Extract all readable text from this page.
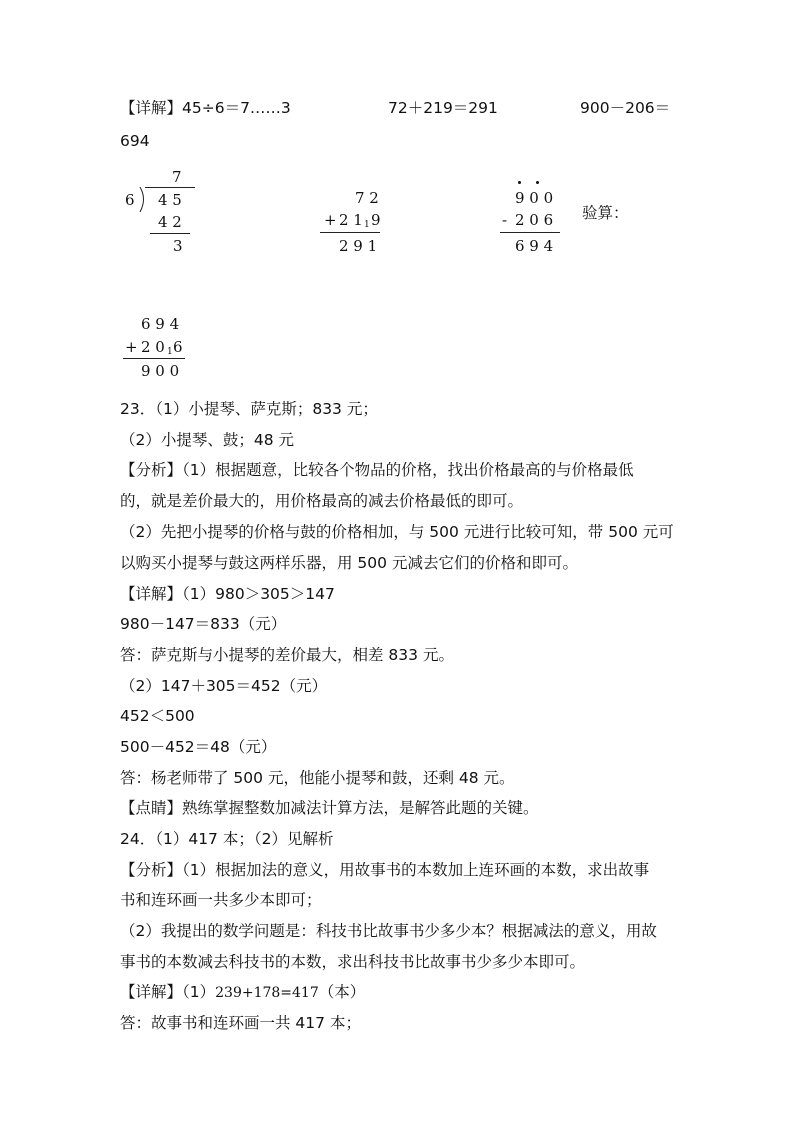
【详解】45÷6＝7……3	72＋219＝291	900－206＝
694
7
6 4 5
4 2
3
7 2
+ 2 1 1 9
2 9 1
9 0 0
- 2 0 6
6 9 4
验算：
6 9 4
+ 2 0 1 6
9 0 0
23．（1）小提琴、萨克斯；833 元；
（2）小提琴、鼓；48 元
【分析】（1）根据题意，比较各个物品的价格，找出价格最高的与价格最低
的，就是差价最大的，用价格最高的减去价格最低的即可。
（2）先把小提琴的价格与鼓的价格相加，与 500 元进行比较可知，带 500 元可
以购买小提琴与鼓这两样乐器，用 500 元减去它们的价格和即可。
【详解】（1）980＞305＞147
980－147＝833（元）
答：萨克斯与小提琴的差价最大，相差 833 元。
（2）147＋305＝452（元）
452＜500
500－452＝48（元）
答：杨老师带了 500 元，他能小提琴和鼓，还剩 48 元。
【点睛】熟练掌握整数加减法计算方法，是解答此题的关键。
24．（1）417 本；（2）见解析
【分析】（1）根据加法的意义，用故事书的本数加上连环画的本数，求出故事
书和连环画一共多少本即可；
（2）我提出的数学问题是：科技书比故事书少多少本？根据减法的意义，用故
事书的本数减去科技书的本数，求出科技书比故事书少多少本即可。
【详解】（1）239+178=417（本）
答：故事书和连环画一共 417 本；
